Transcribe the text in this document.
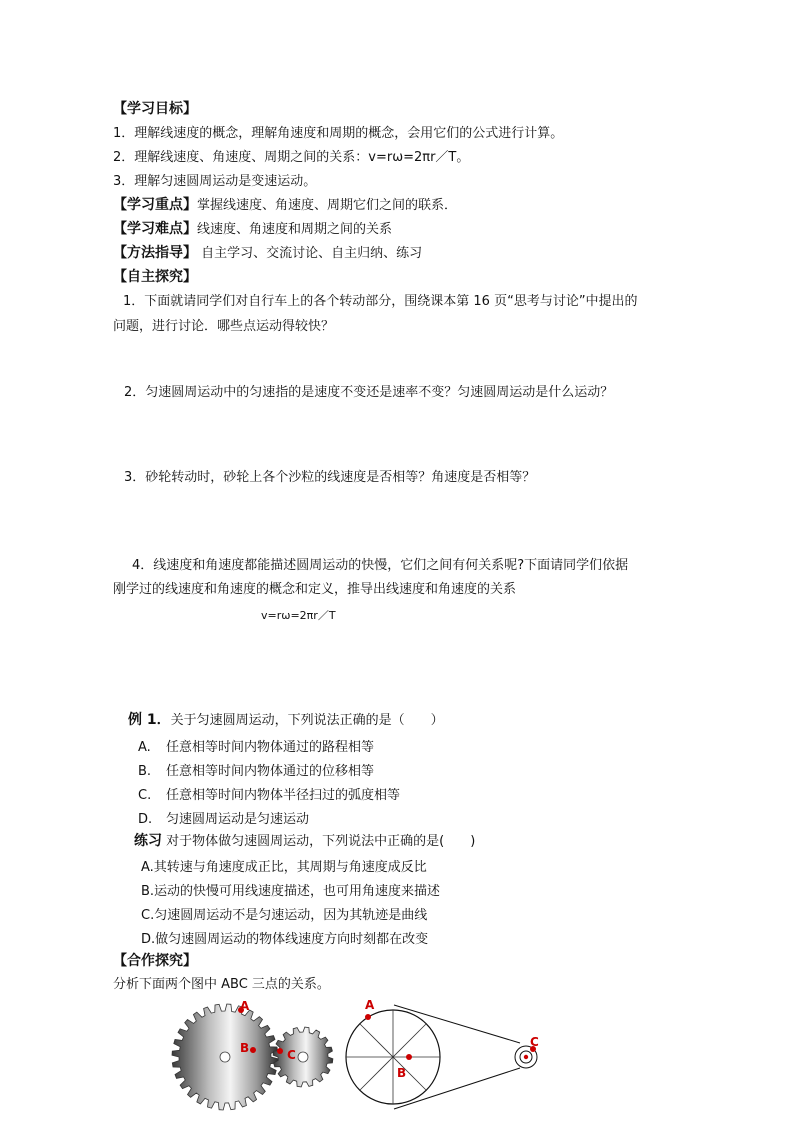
【学习目标】
1．理解线速度的概念，理解角速度和周期的概念，会用它们的公式进行计算。
2．理解线速度、角速度、周期之间的关系：v=rω=2πr／T。
3．理解匀速圆周运动是变速运动。
【学习重点】掌握线速度、角速度、周期它们之间的联系．
【学习难点】线速度、角速度和周期之间的关系
【方法指导】 自主学习、交流讨论、自主归纳、练习
【自主探究】
1．下面就请同学们对自行车上的各个转动部分，围绕课本第 16 页“思考与讨论”中提出的
问题，进行讨论．哪些点运动得较快？
2．匀速圆周运动中的匀速指的是速度不变还是速率不变？匀速圆周运动是什么运动？
3．砂轮转动时，砂轮上各个沙粒的线速度是否相等？角速度是否相等？
4．线速度和角速度都能描述圆周运动的快慢，它们之间有何关系呢?下面请同学们依据
刚学过的线速度和角速度的概念和定义，推导出线速度和角速度的关系
v=rω=2πr／T
例 1．关于匀速圆周运动，下列说法正确的是（　　）
A. 任意相等时间内物体通过的路程相等
B. 任意相等时间内物体通过的位移相等
C. 任意相等时间内物体半径扫过的弧度相等
D. 匀速圆周运动是匀速运动
练习 对于物体做匀速圆周运动，下列说法中正确的是(　　)
A.其转速与角速度成正比，其周期与角速度成反比
B.运动的快慢可用线速度描述，也可用角速度来描述
C.匀速圆周运动不是匀速运动，因为其轨迹是曲线
D.做匀速圆周运动的物体线速度方向时刻都在改变
【合作探究】
分析下面两个图中 ABC 三点的关系。
A
B	C
A
B
C
